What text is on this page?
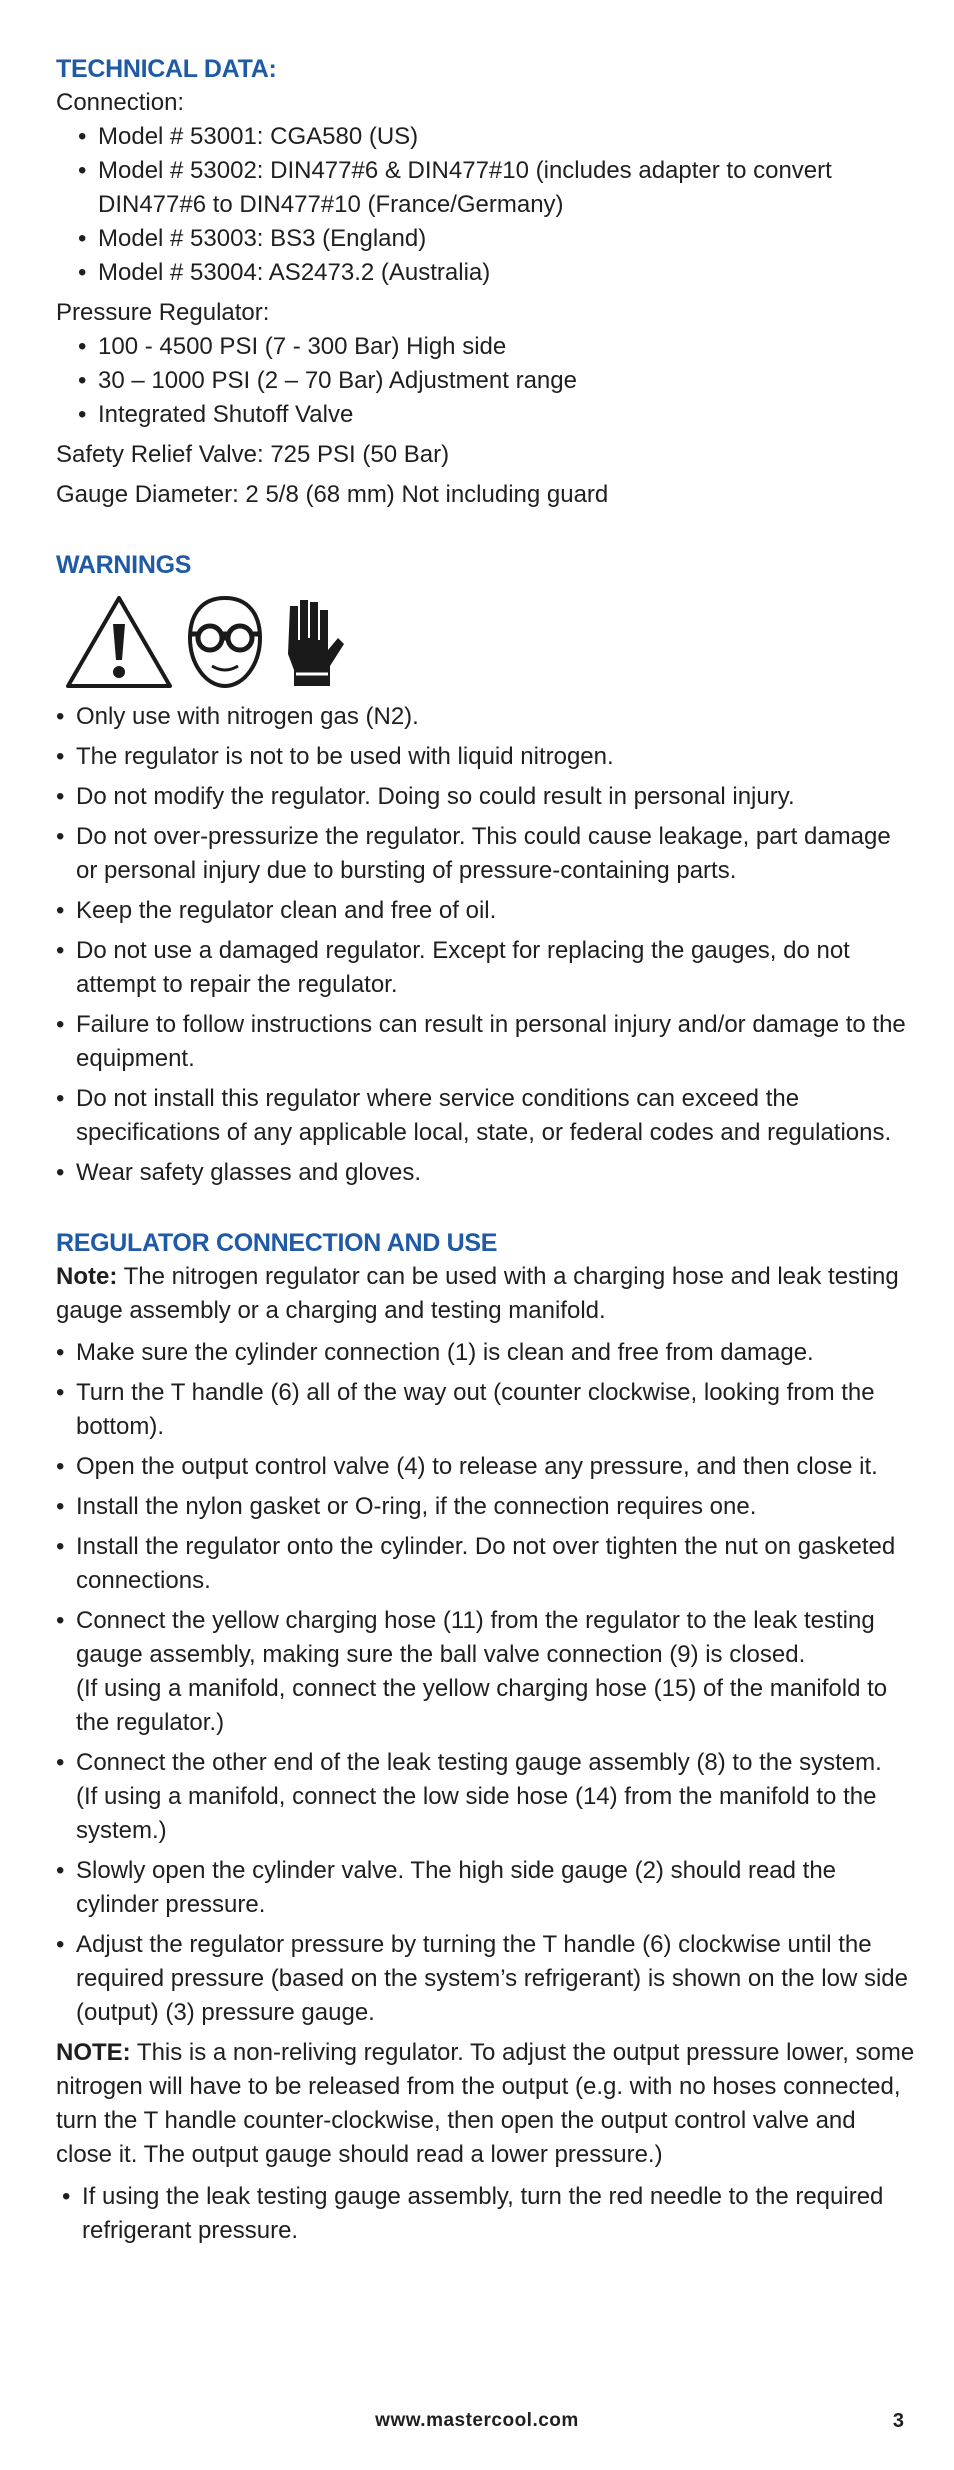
TECHNICAL DATA:

Connection:

• Model # 53001: CGA580 (US)
• Model # 53002: DIN477#6 & DIN477#10 (includes adapter to convert DIN477#6 to DIN477#10 (France/Germany)
• Model # 53003: BS3 (England)
• Model # 53004: AS2473.2 (Australia)

Pressure Regulator:

• 100 - 4500 PSI (7 - 300 Bar) High side
• 30 – 1000 PSI (2 – 70 Bar) Adjustment range
• Integrated Shutoff Valve

Safety Relief Valve: 725 PSI (50 Bar)

Gauge Diameter: 2 5/8 (68 mm) Not including guard

WARNINGS
• Only use with nitrogen gas (N2).
• The regulator is not to be used with liquid nitrogen.
• Do not modify the regulator. Doing so could result in personal injury.
• Do not over-pressurize the regulator. This could cause leakage, part damage or personal injury due to bursting of pressure-containing parts.
• Keep the regulator clean and free of oil.
• Do not use a damaged regulator. Except for replacing the gauges, do not attempt to repair the regulator.
• Failure to follow instructions can result in personal injury and/or damage to the equipment.
• Do not install this regulator where service conditions can exceed the specifications of any applicable local, state, or federal codes and regulations.
• Wear safety glasses and gloves.
REGULATOR CONNECTION AND USE

Note: The nitrogen regulator can be used with a charging hose and leak testing gauge assembly or a charging and testing manifold.

• Make sure the cylinder connection (1) is clean and free from damage.
• Turn the T handle (6) all of the way out (counter clockwise, looking from the bottom).
• Open the output control valve (4) to release any pressure, and then close it.
• Install the nylon gasket or O-ring, if the connection requires one.
• Install the regulator onto the cylinder. Do not over tighten the nut on gasketed connections.
• Connect the yellow charging hose (11) from the regulator to the leak testing gauge assembly, making sure the ball valve connection (9) is closed.
(If using a manifold, connect the yellow charging hose (15) of the manifold to the regulator.)
• Connect the other end of the leak testing gauge assembly (8) to the system.
(If using a manifold, connect the low side hose (14) from the manifold to the system.)
• Slowly open the cylinder valve. The high side gauge (2) should read the cylinder pressure.
• Adjust the regulator pressure by turning the T handle (6) clockwise until the required pressure (based on the system’s refrigerant) is shown on the low side (output) (3) pressure gauge.

NOTE: This is a non-reliving regulator. To adjust the output pressure lower, some nitrogen will have to be released from the output (e.g. with no hoses connected, turn the T handle counter-clockwise, then open the output control valve and close it. The output gauge should read a lower pressure.)

• If using the leak testing gauge assembly, turn the red needle to the required refrigerant pressure.
www.mastercool.com	3
